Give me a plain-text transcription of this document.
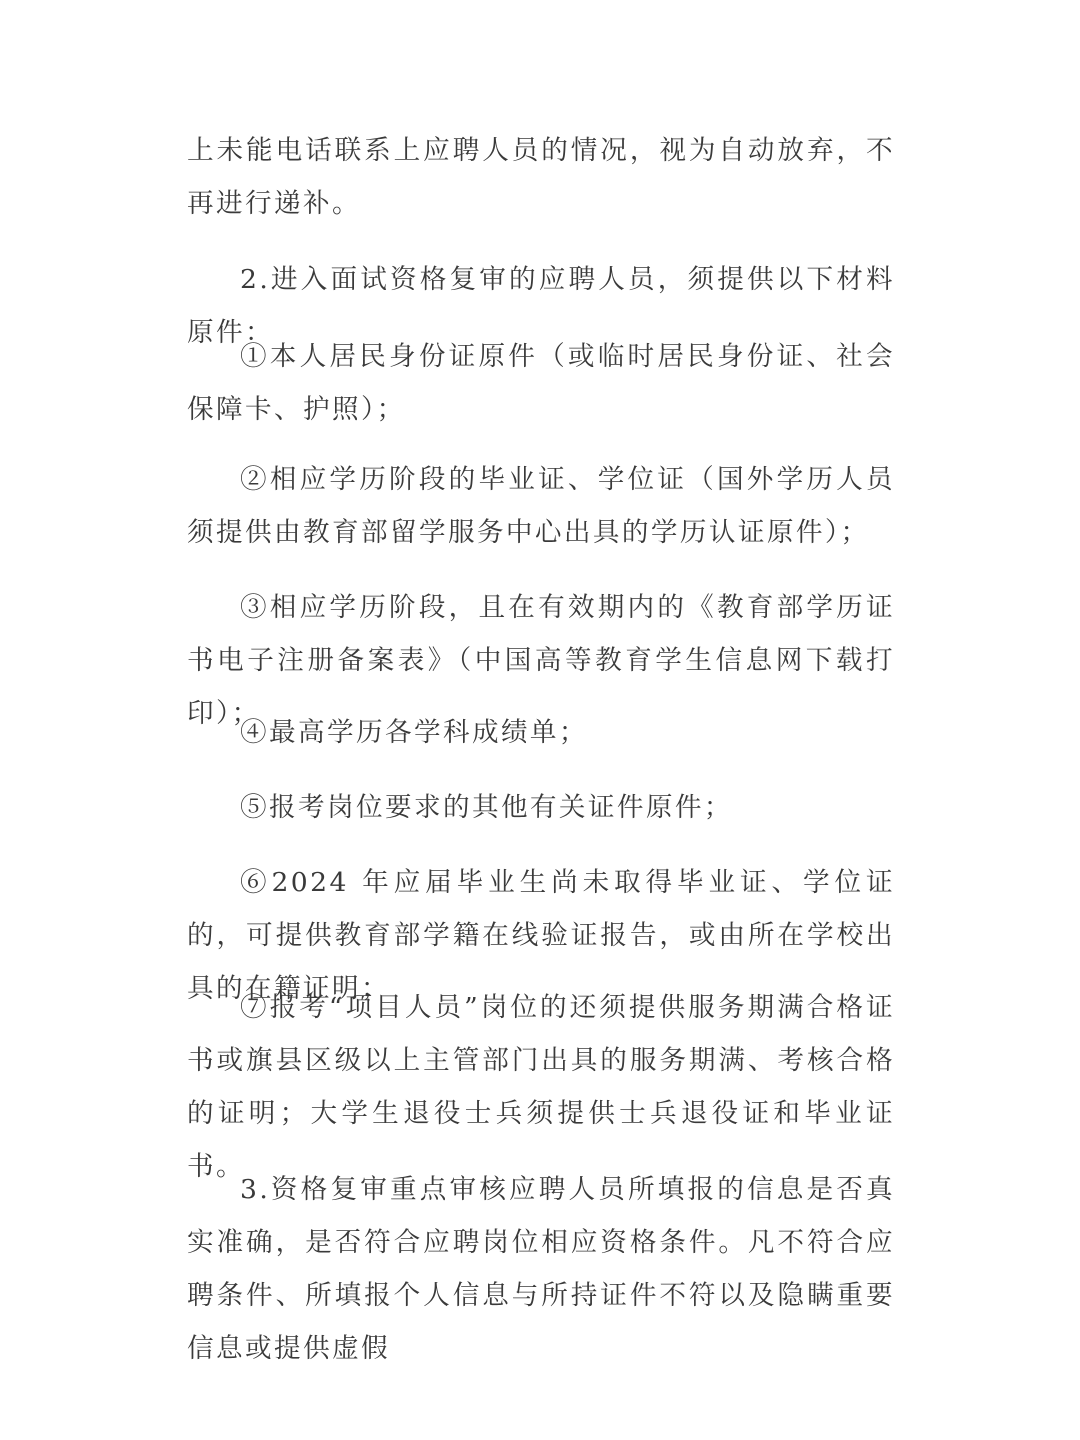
上未能电话联系上应聘人员的情况，视为自动放弃，不再进行递补。

2.进入面试资格复审的应聘人员，须提供以下材料原件：

①本人居民身份证原件（或临时居民身份证、社会保障卡、护照）；

②相应学历阶段的毕业证、学位证（国外学历人员须提供由教育部留学服务中心出具的学历认证原件）；

③相应学历阶段，且在有效期内的《教育部学历证书电子注册备案表》（中国高等教育学生信息网下载打印）；

④最高学历各学科成绩单；

⑤报考岗位要求的其他有关证件原件；

⑥2024 年应届毕业生尚未取得毕业证、学位证的，可提供教育部学籍在线验证报告，或由所在学校出具的在籍证明；

⑦报考“项目人员”岗位的还须提供服务期满合格证书或旗县区级以上主管部门出具的服务期满、考核合格的证明；大学生退役士兵须提供士兵退役证和毕业证书。

3.资格复审重点审核应聘人员所填报的信息是否真实准确，是否符合应聘岗位相应资格条件。凡不符合应聘条件、所填报个人信息与所持证件不符以及隐瞒重要信息或提供虚假
